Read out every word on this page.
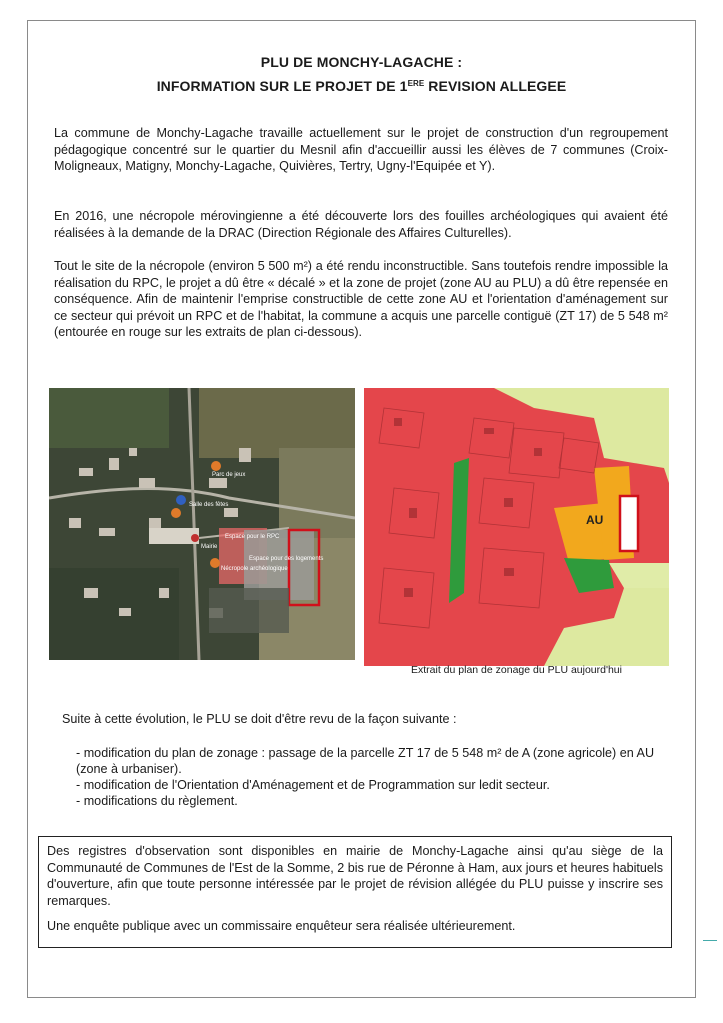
PLU DE MONCHY-LAGACHE :
INFORMATION SUR LE PROJET DE 1ERE REVISION ALLEGEE

La commune de Monchy-Lagache travaille actuellement sur le projet de construction d'un regroupement pédagogique concentré sur le quartier du Mesnil afin d'accueillir aussi les élèves de 7 communes (Croix-Moligneaux, Matigny, Monchy-Lagache, Quivières, Tertry, Ugny-l'Equipée et Y).

En 2016, une nécropole mérovingienne a été découverte lors des fouilles archéologiques qui avaient été réalisées à la demande de la DRAC (Direction Régionale des Affaires Culturelles).

Tout le site de la nécropole (environ 5 500 m²) a été rendu inconstructible. Sans toutefois rendre impossible la réalisation du RPC, le projet a dû être « décalé » et la zone de projet (zone AU au PLU) a dû être repensée en conséquence. Afin de maintenir l'emprise constructible de cette zone AU et l'orientation d'aménagement sur ce secteur qui prévoit un RPC et de l'habitat, la commune a acquis une parcelle contiguë (ZT 17) de 5 548 m² (entourée en rouge sur les extraits de plan ci-dessous).

Parc de jeux
Salle des fêtes
Mairie
Espace pour le RPC
Nécropole archéologique
Espace pour des logements
AU
Extrait du plan de zonage du PLU aujourd'hui

Suite à cette évolution, le PLU se doit d'être revu de la façon suivante :

- modification du plan de zonage : passage de la parcelle ZT 17 de 5 548 m² de A (zone agricole) en AU (zone à urbaniser).
- modification de l'Orientation d'Aménagement et de Programmation sur ledit secteur.
- modifications du règlement.

Des registres d'observation sont disponibles en mairie de Monchy-Lagache ainsi qu'au siège de la Communauté de Communes de l'Est de la Somme, 2 bis rue de Péronne à Ham, aux jours et heures habituels d'ouverture, afin que toute personne intéressée par le projet de révision allégée du PLU puisse y inscrire ses remarques.

Une enquête publique avec un commissaire enquêteur sera réalisée ultérieurement.
